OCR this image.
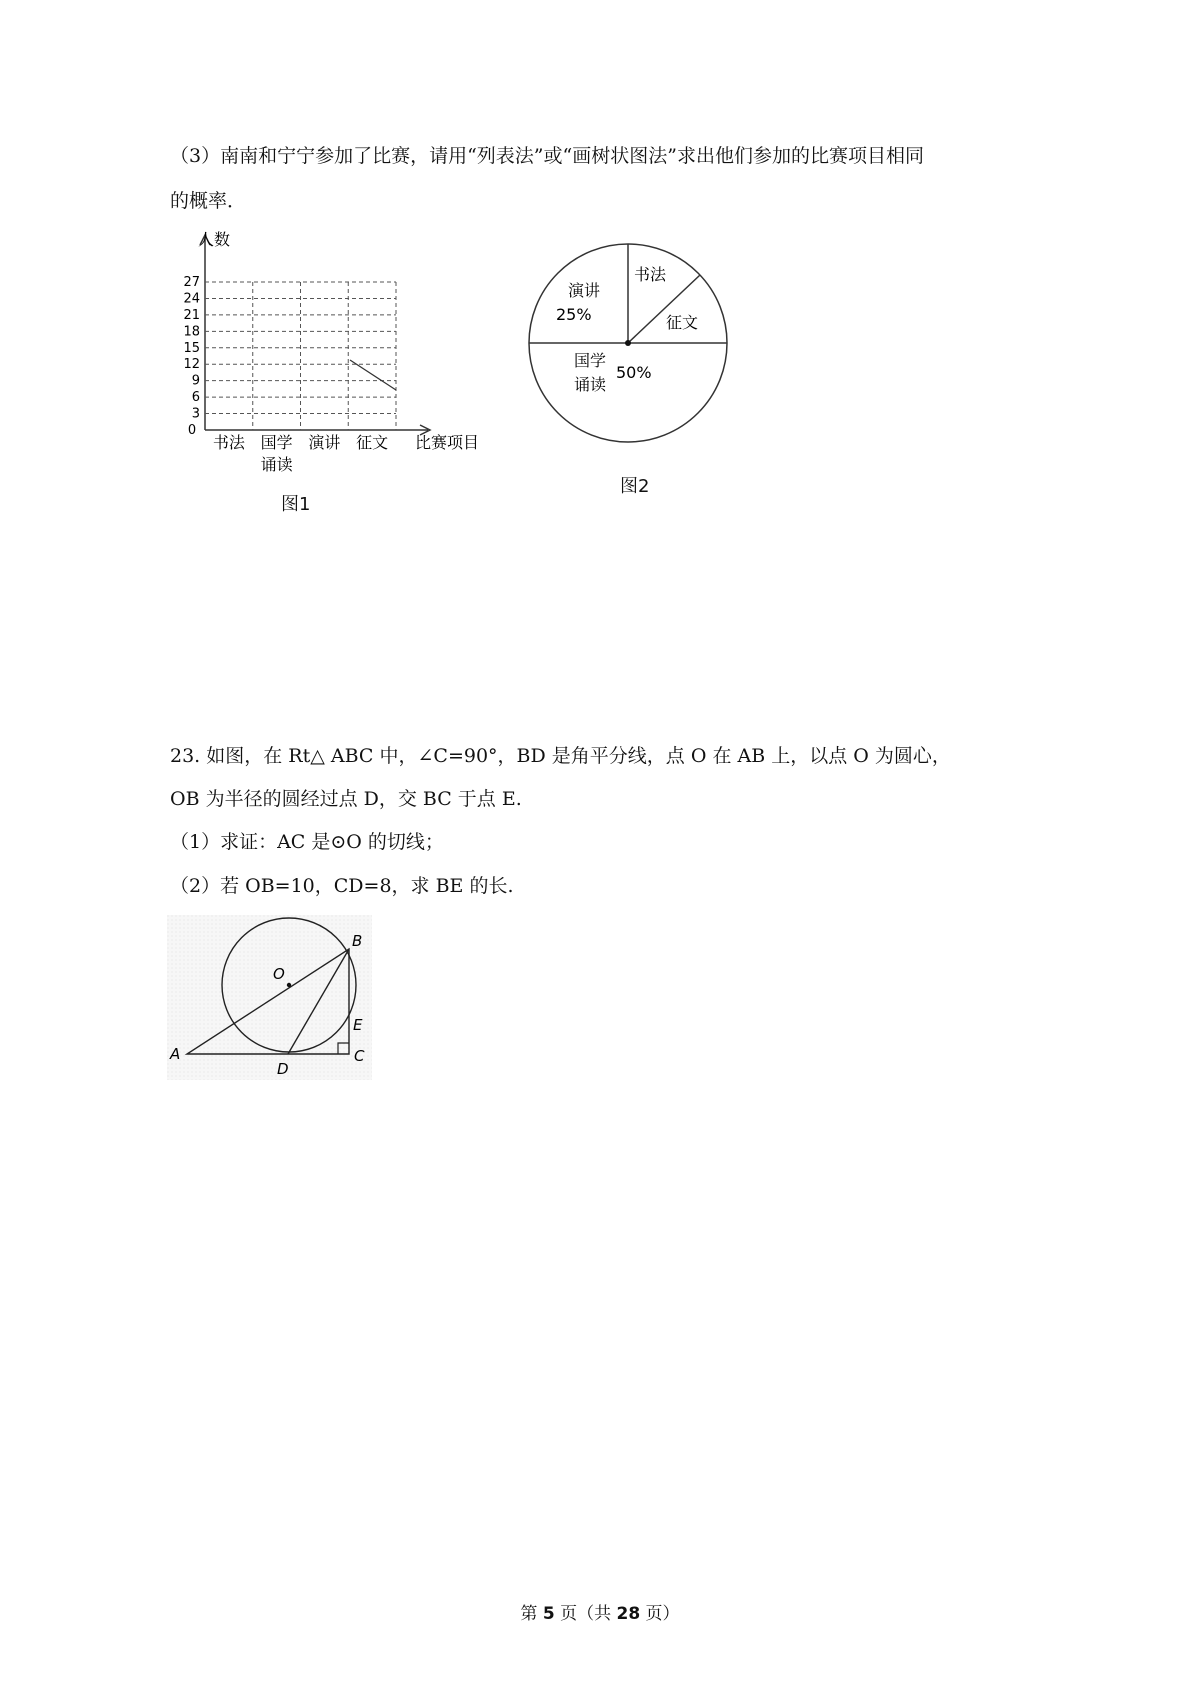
（3）南南和宁宁参加了比赛，请用“列表法”或“画树状图法”求出他们参加的比赛项目相同
的概率．
3
6
9
12
15
18
21
24
27
人数
0
比赛项目
书法 国学
诵读
演讲 征文
图1
演讲
25%
书法
征文
国学
诵读
50%
图2
23. 如图，在 Rt△ ABC 中，∠C=90°，BD 是角平分线，点 O 在 AB 上，以点 O 为圆心，
OB 为半径的圆经过点 D，交 BC 于点 E.
（1）求证：AC 是⊙O 的切线；
（2）若 OB=10，CD=8，求 BE 的长.
O
B
E
C
A
D
第 5 页（共 28 页）
